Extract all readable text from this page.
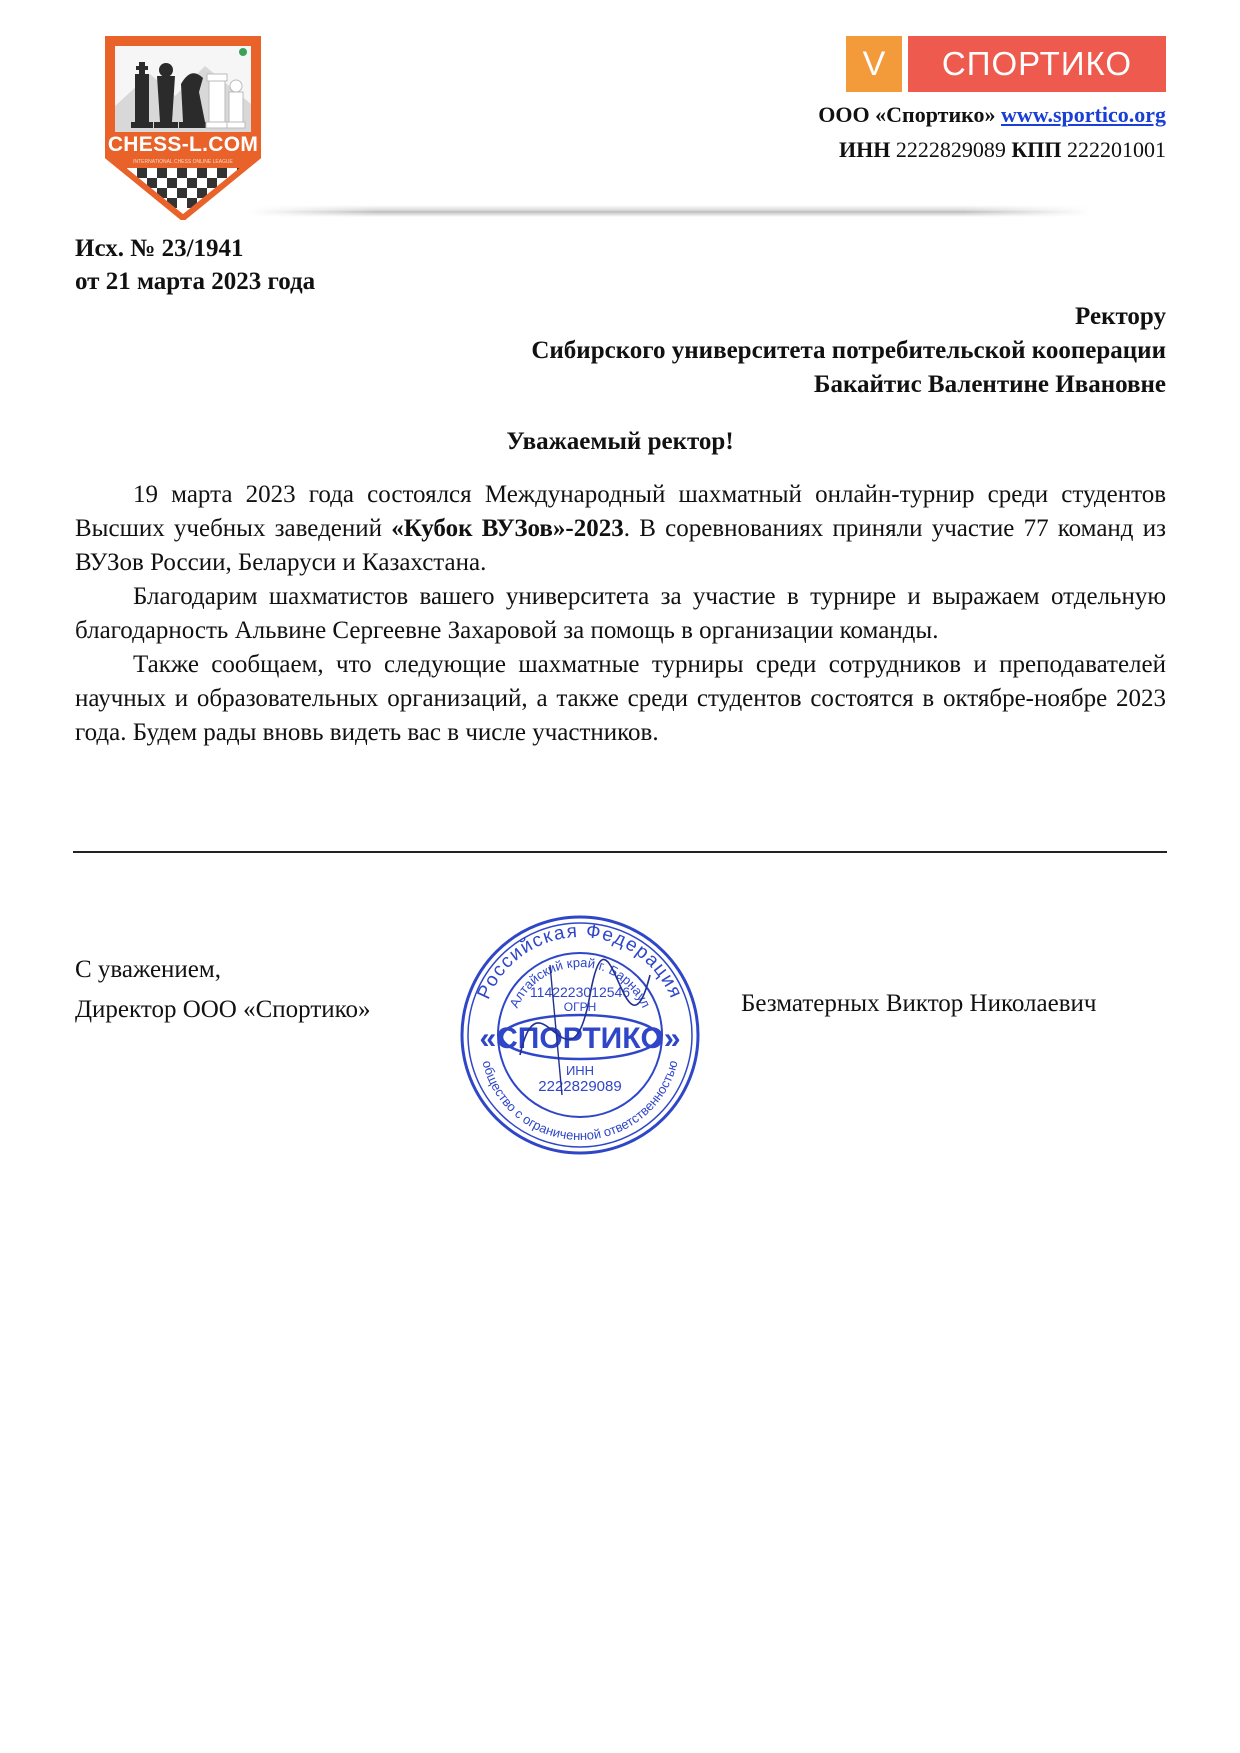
CHESS-L.COM
INTERNATIONAL CHESS ONLINE LEAGUE
V	СПОРТИКО
ООО «Спортико» www.sportico.org
ИНН 2222829089 КПП 222201001
Исх. № 23/1941
от 21 марта 2023 года
Ректору
Сибирского университета потребительской кооперации
Бакайтис Валентине Ивановне
Уважаемый ректор!

19 марта 2023 года состоялся Международный шахматный онлайн-турнир среди студентов Высших учебных заведений «Кубок ВУЗов»-2023. В соревнованиях приняли участие 77 команд из ВУЗов России, Беларуси и Казахстана.

Благодарим шахматистов вашего университета за участие в турнире и выражаем отдельную благодарность Альвине Сергеевне Захаровой за помощь в организации команды.

Также сообщаем, что следующие шахматные турниры среди сотрудников и преподавателей научных и образовательных организаций, а также среди студентов состоятся в октябре-ноябре 2023 года. Будем рады вновь видеть вас в числе участников.

С уважением,
Директор ООО «Спортико»
Российская Федерация
Алтайский край г. Барнаул
1142223012546
ОГРН
«СПОРТИКО»
ИНН
2222829089
общество с ограниченной ответственностью
Безматерных Виктор Николаевич
